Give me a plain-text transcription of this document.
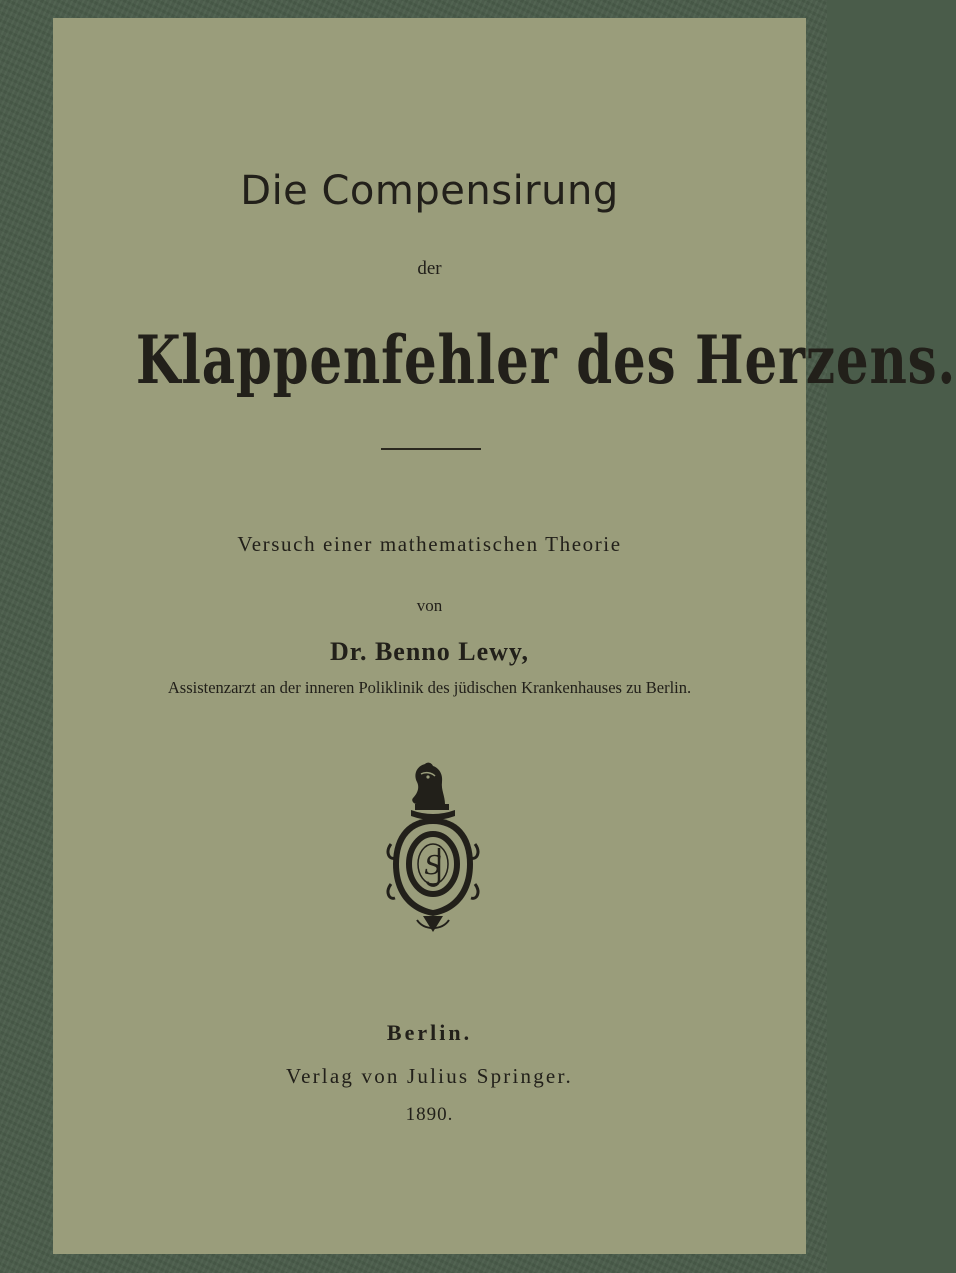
Die Compensirung
der
Klappenfehler des Herzens.
Versuch einer mathematischen Theorie
von
Dr. Benno Lewy,
Assistenzarzt an der inneren Poliklinik des jüdischen Krankenhauses zu Berlin.
S
Berlin.
Verlag von Julius Springer.
1890.
